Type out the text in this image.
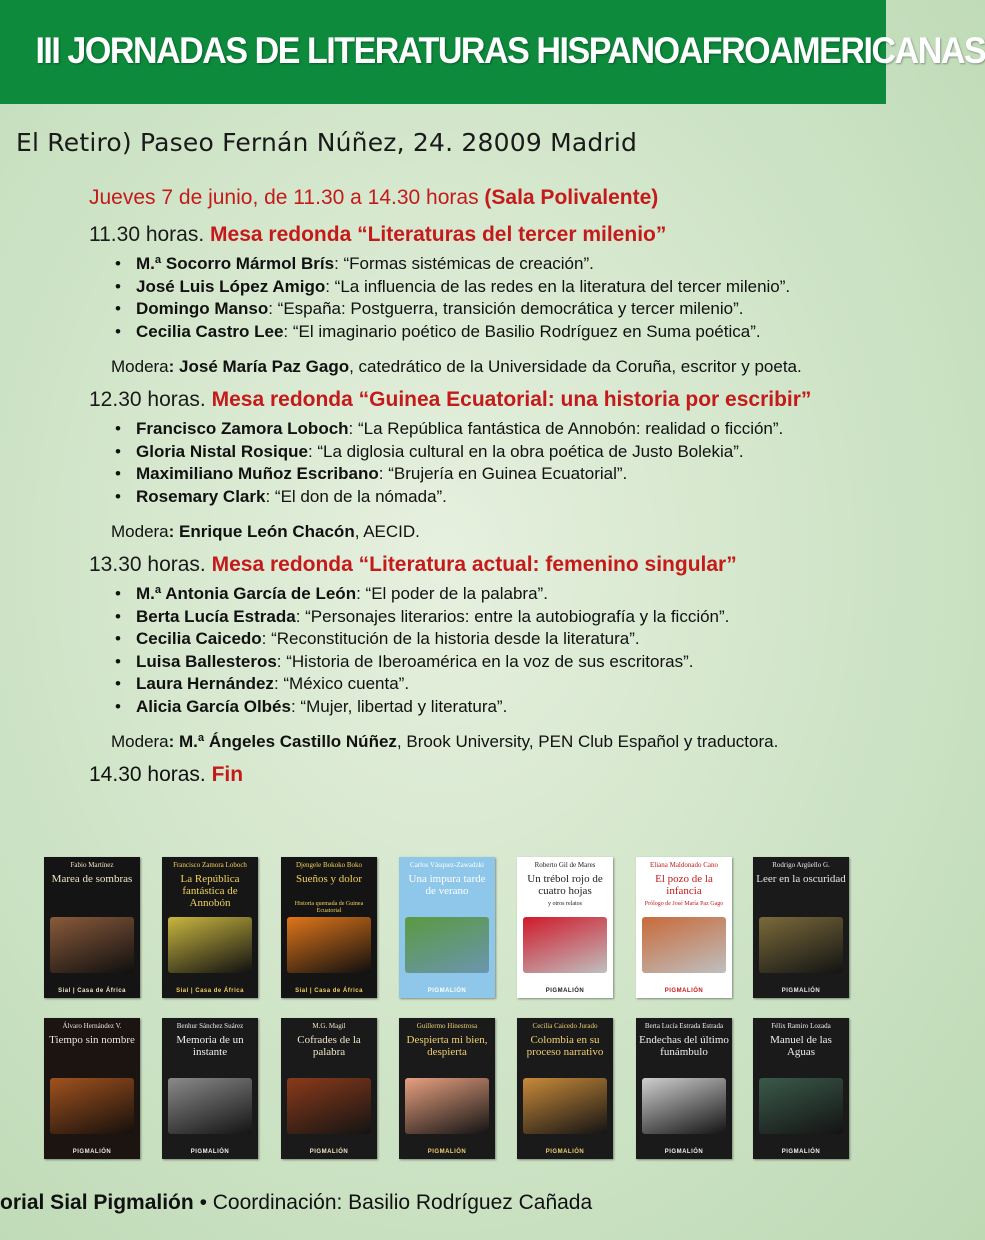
III JORNADAS DE LITERATURAS HISPANOAFROAMERICANAS
El Retiro) Paseo Fernán Núñez, 24. 28009 Madrid
Jueves 7 de junio, de 11.30 a 14.30 horas (Sala Polivalente)
11.30 horas. Mesa redonda “Literaturas del tercer milenio”
• M.ª Socorro Mármol Brís: “Formas sistémicas de creación”.
• José Luis López Amigo: “La influencia de las redes en la literatura del tercer milenio”.
• Domingo Manso: “España: Postguerra, transición democrática y tercer milenio”.
• Cecilia Castro Lee: “El imaginario poético de Basilio Rodríguez en Suma poética”.
Modera: José María Paz Gago, catedrático de la Universidade da Coruña, escritor y poeta.
12.30 horas. Mesa redonda “Guinea Ecuatorial: una historia por escribir”
• Francisco Zamora Loboch: “La República fantástica de Annobón: realidad o ficción”.
• Gloria Nistal Rosique: “La diglosia cultural en la obra poética de Justo Bolekia”.
• Maximiliano Muñoz Escribano: “Brujería en Guinea Ecuatorial”.
• Rosemary Clark: “El don de la nómada”.
Modera: Enrique León Chacón, AECID.
13.30 horas. Mesa redonda “Literatura actual: femenino singular”
• M.ª Antonia García de León: “El poder de la palabra”.
• Berta Lucía Estrada: “Personajes literarios: entre la autobiografía y la ficción”.
• Cecilia Caicedo: “Reconstitución de la historia desde la literatura”.
• Luisa Ballesteros: “Historia de Iberoamérica en la voz de sus escritoras”.
• Laura Hernández: “México cuenta”.
• Alicia García Olbés: “Mujer, libertad y literatura”.
Modera: M.ª Ángeles Castillo Núñez, Brook University, PEN Club Español y traductora.
14.30 horas. Fin
Fabio Martínez
Marea de sombras
Sial | Casa de África
Francisco Zamora Loboch
La República fantástica de Annobón
Sial | Casa de África
Djengele Bokoko Boko
Sueños y dolor
Historia quemada de Guinea Ecuatorial
Sial | Casa de África
Carlos Vásquez-Zawadzki
Una impura tarde de verano
PIGMALIÓN
Roberto Gil de Mares
Un trébol rojo de cuatro hojas
y otros relatos
PIGMALIÓN
Eliana Maldonado Cano
El pozo de la infancia
Prólogo de José María Paz Gago
PIGMALIÓN
Rodrigo Argüello G.
Leer en la oscuridad
PIGMALIÓN
Álvaro Hernández V.
Tiempo sin nombre
PIGMALIÓN
Benhur Sánchez Suárez
Memoria de un instante
PIGMALIÓN
M.G. Magil
Cofrades de la palabra
PIGMALIÓN
Guillermo Hinestrosa
Despierta mi bien, despierta
PIGMALIÓN
Cecilia Caicedo Jurado
Colombia en su proceso narrativo
PIGMALIÓN
Berta Lucía Estrada Estrada
Endechas del último funámbulo
PIGMALIÓN
Félix Ramiro Lozada
Manuel de las Aguas
PIGMALIÓN
orial Sial Pigmalión • Coordinación: Basilio Rodríguez Cañada
